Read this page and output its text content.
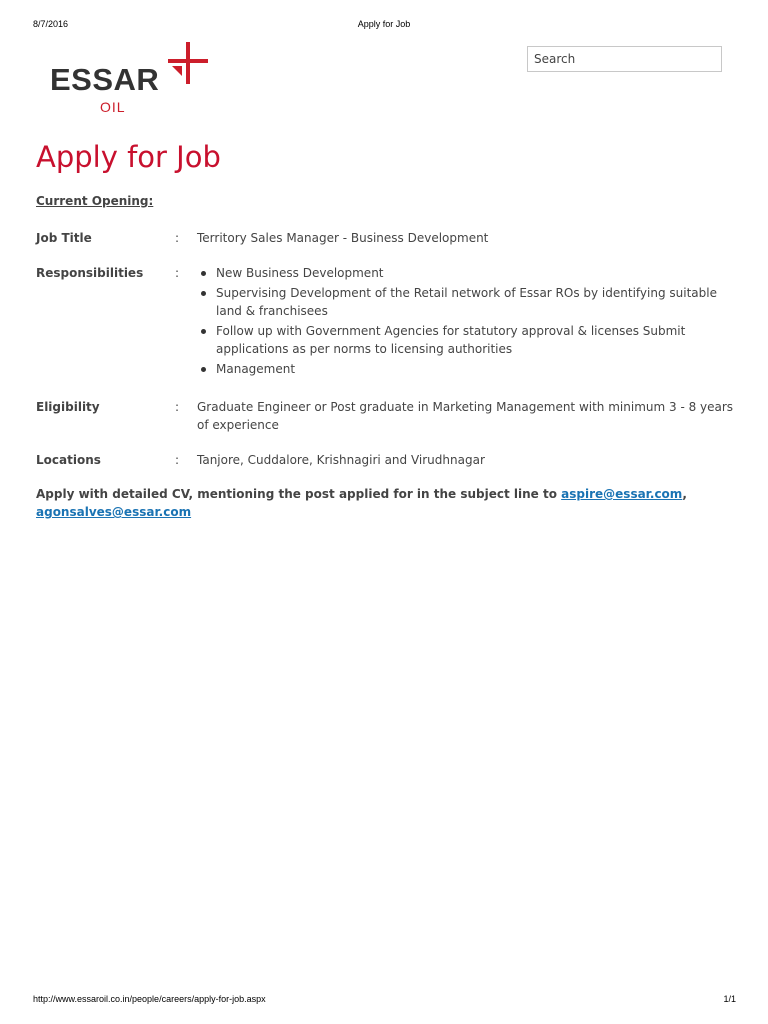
8/7/2016	Apply for Job
ESSAR
OIL
Search
Apply for Job
Current Opening:
Job Title	: Territory Sales Manager - Business Development
Responsibilities	:	New Business Development
Supervising Development of the Retail network of Essar ROs by identifying suitable land & franchisees
Follow up with Government Agencies for statutory approval & licenses Submit applications as per norms to licensing authorities
Management
Eligibility	: Graduate Engineer or Post graduate in Marketing Management with minimum 3 - 8 years of experience
Locations	: Tanjore, Cuddalore, Krishnagiri and Virudhnagar
Apply with detailed CV, mentioning the post applied for in the subject line to aspire@essar.com,
agonsalves@essar.com
http://www.essaroil.co.in/people/careers/apply-for-job.aspx	1/1
